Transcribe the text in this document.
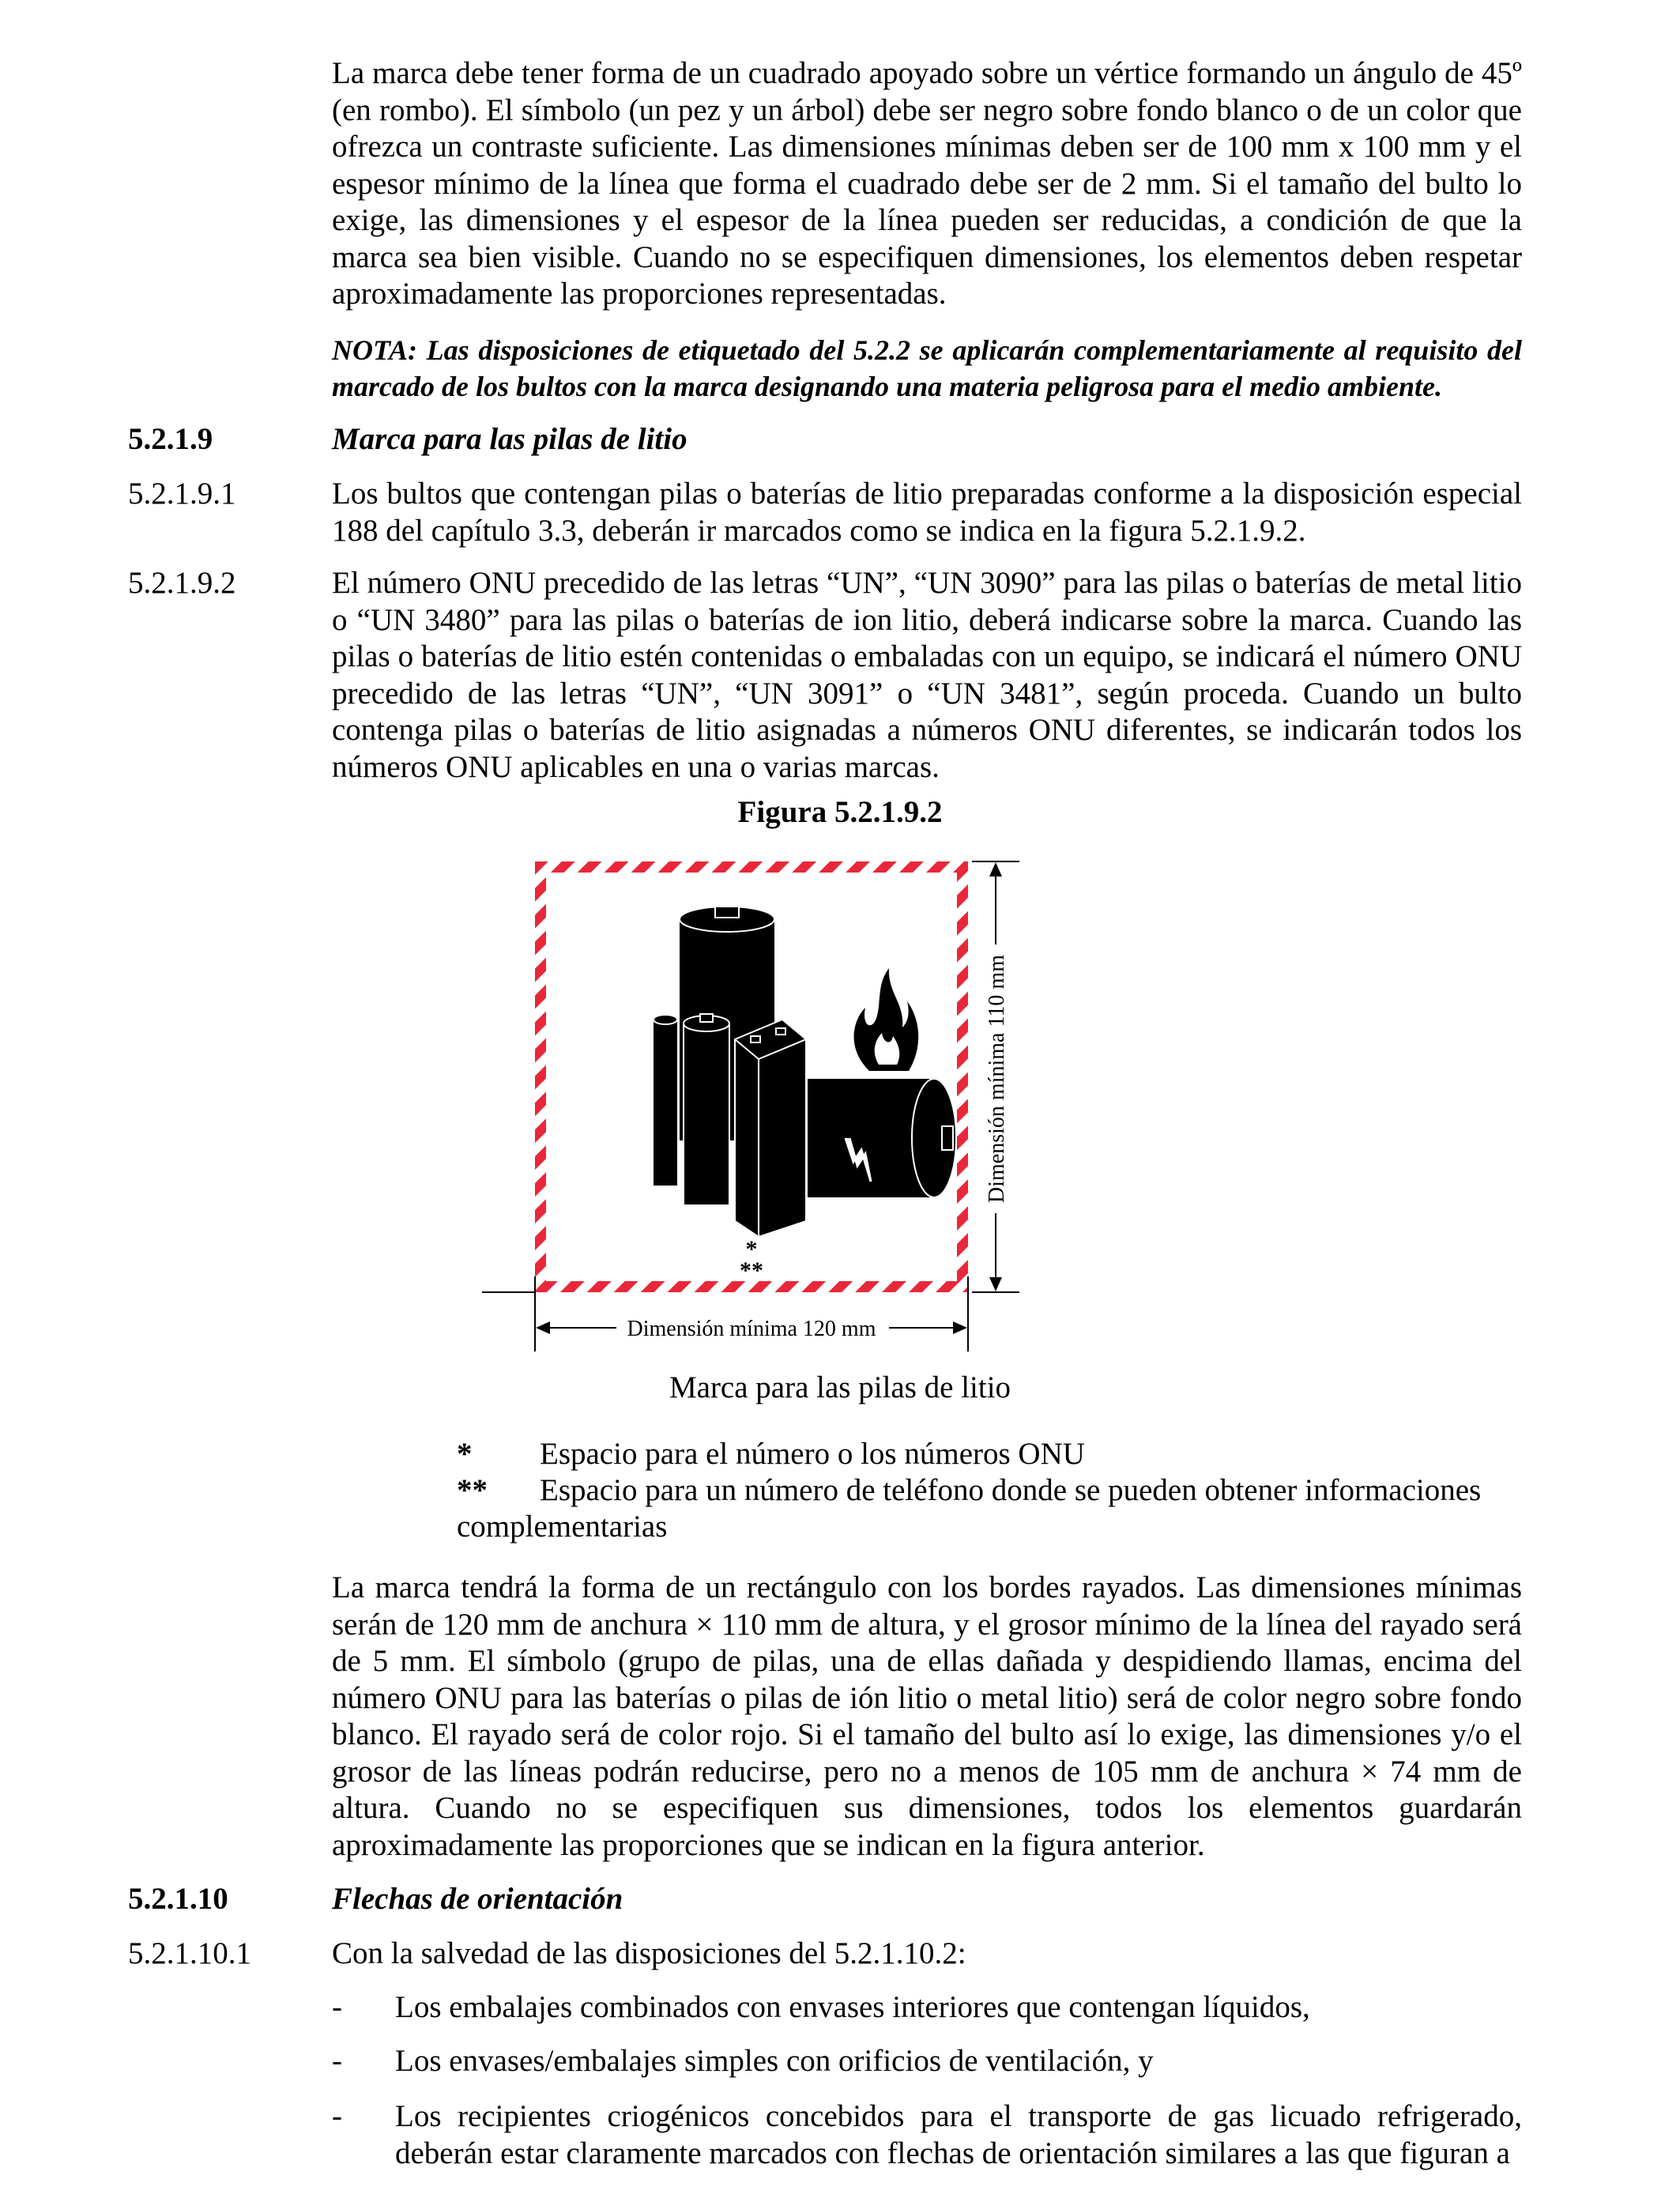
La marca debe tener forma de un cuadrado apoyado sobre un vértice formando un ángulo de 45º (en rombo). El símbolo (un pez y un árbol) debe ser negro sobre fondo blanco o de un color que ofrezca un contraste suficiente. Las dimensiones mínimas deben ser de 100 mm x 100 mm y el espesor mínimo de la línea que forma el cuadrado debe ser de 2 mm. Si el tamaño del bulto lo exige, las dimensiones y el espesor de la línea pueden ser reducidas, a condición de que la marca sea bien visible. Cuando no se especifiquen dimensiones, los elementos deben respetar aproximadamente las proporciones representadas.

NOTA: Las disposiciones de etiquetado del 5.2.2 se aplicarán complementariamente al requisito del marcado de los bultos con la marca designando una materia peligrosa para el medio ambiente.

5.2.1.9	Marca para las pilas de litio
5.2.1.9.1	Los bultos que contengan pilas o baterías de litio preparadas conforme a la disposición especial 188 del capítulo 3.3, deberán ir marcados como se indica en la figura 5.2.1.9.2.

5.2.1.9.2	El número ONU precedido de las letras “UN”, “UN 3090” para las pilas o baterías de metal litio o “UN 3480” para las pilas o baterías de ion litio, deberá indicarse sobre la marca. Cuando las pilas o baterías de litio estén contenidas o embaladas con un equipo, se indicará el número ONU precedido de las letras “UN”, “UN 3091” o “UN 3481”, según proceda. Cuando un bulto contenga pilas o baterías de litio asignadas a números ONU diferentes, se indicarán todos los números ONU aplicables en una o varias marcas.

Figura 5.2.1.9.2
*
**
Dimensión mínima 110 mm
Dimensión mínima 120 mm
Marca para las pilas de litio
* Espacio para el número o los números ONU
** Espacio para un número de teléfono donde se pueden obtener informaciones
complementarias

La marca tendrá la forma de un rectángulo con los bordes rayados. Las dimensiones mínimas serán de 120 mm de anchura × 110 mm de altura, y el grosor mínimo de la línea del rayado será de 5 mm. El símbolo (grupo de pilas, una de ellas dañada y despidiendo llamas, encima del número ONU para las baterías o pilas de ión litio o metal litio) será de color negro sobre fondo blanco. El rayado será de color rojo. Si el tamaño del bulto así lo exige, las dimensiones y/o el grosor de las líneas podrán reducirse, pero no a menos de 105 mm de anchura × 74 mm de altura. Cuando no se especifiquen sus dimensiones, todos los elementos guardarán aproximadamente las proporciones que se indican en la figura anterior.

5.2.1.10	Flechas de orientación
5.2.1.10.1	Con la salvedad de las disposiciones del 5.2.1.10.2:
- Los embalajes combinados con envases interiores que contengan líquidos,

- Los envases/embalajes simples con orificios de ventilación, y

- Los recipientes criogénicos concebidos para el transporte de gas licuado refrigerado, deberán estar claramente marcados con flechas de orientación similares a las que figuran a
